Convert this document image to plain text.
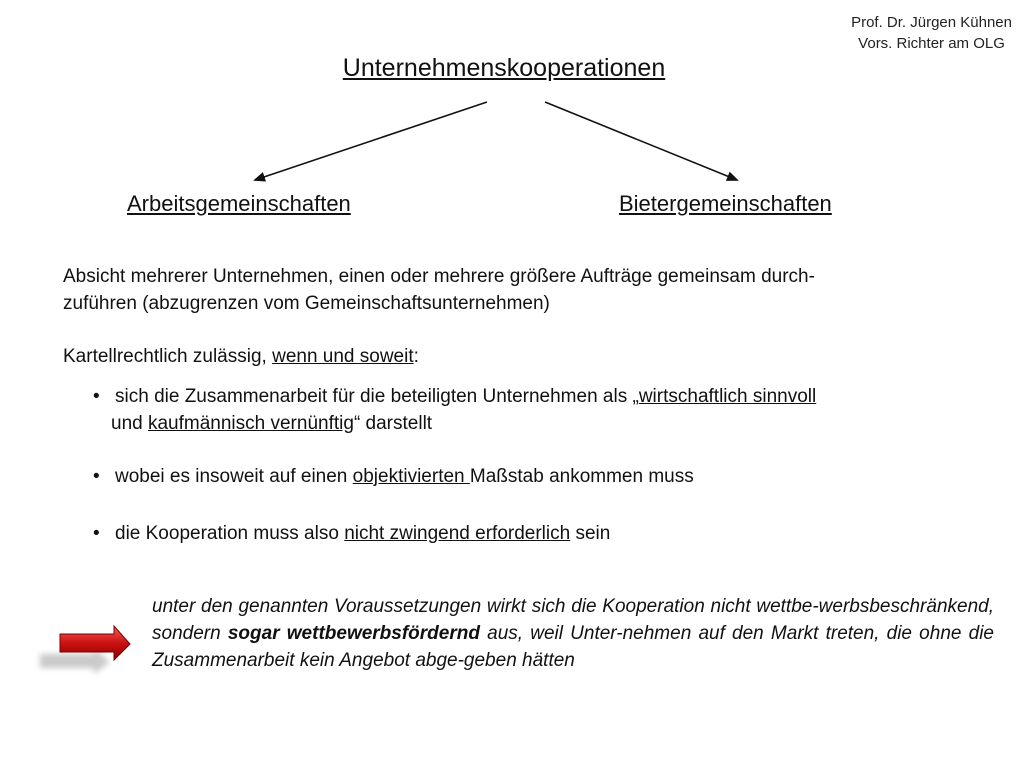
Prof. Dr. Jürgen Kühnen
Vors. Richter am OLG
Unternehmenskooperationen
Arbeitsgemeinschaften	Bietergemeinschaften
Absicht mehrerer Unternehmen, einen oder mehrere größere Aufträge gemeinsam durch-
zuführen (abzugrenzen vom Gemeinschaftsunternehmen)
Kartellrechtlich zulässig, wenn und soweit:
• sich die Zusammenarbeit für die beteiligten Unternehmen als „wirtschaftlich sinnvoll
und kaufmännisch vernünftig“ darstellt
• wobei es insoweit auf einen objektivierten Maßstab ankommen muss
• die Kooperation muss also nicht zwingend erforderlich sein
unter den genannten Voraussetzungen wirkt sich die Kooperation nicht wettbe-werbsbeschränkend, sondern sogar wettbewerbsfördernd aus, weil Unter-nehmen auf den Markt treten, die ohne die Zusammenarbeit kein Angebot abge-geben hätten
